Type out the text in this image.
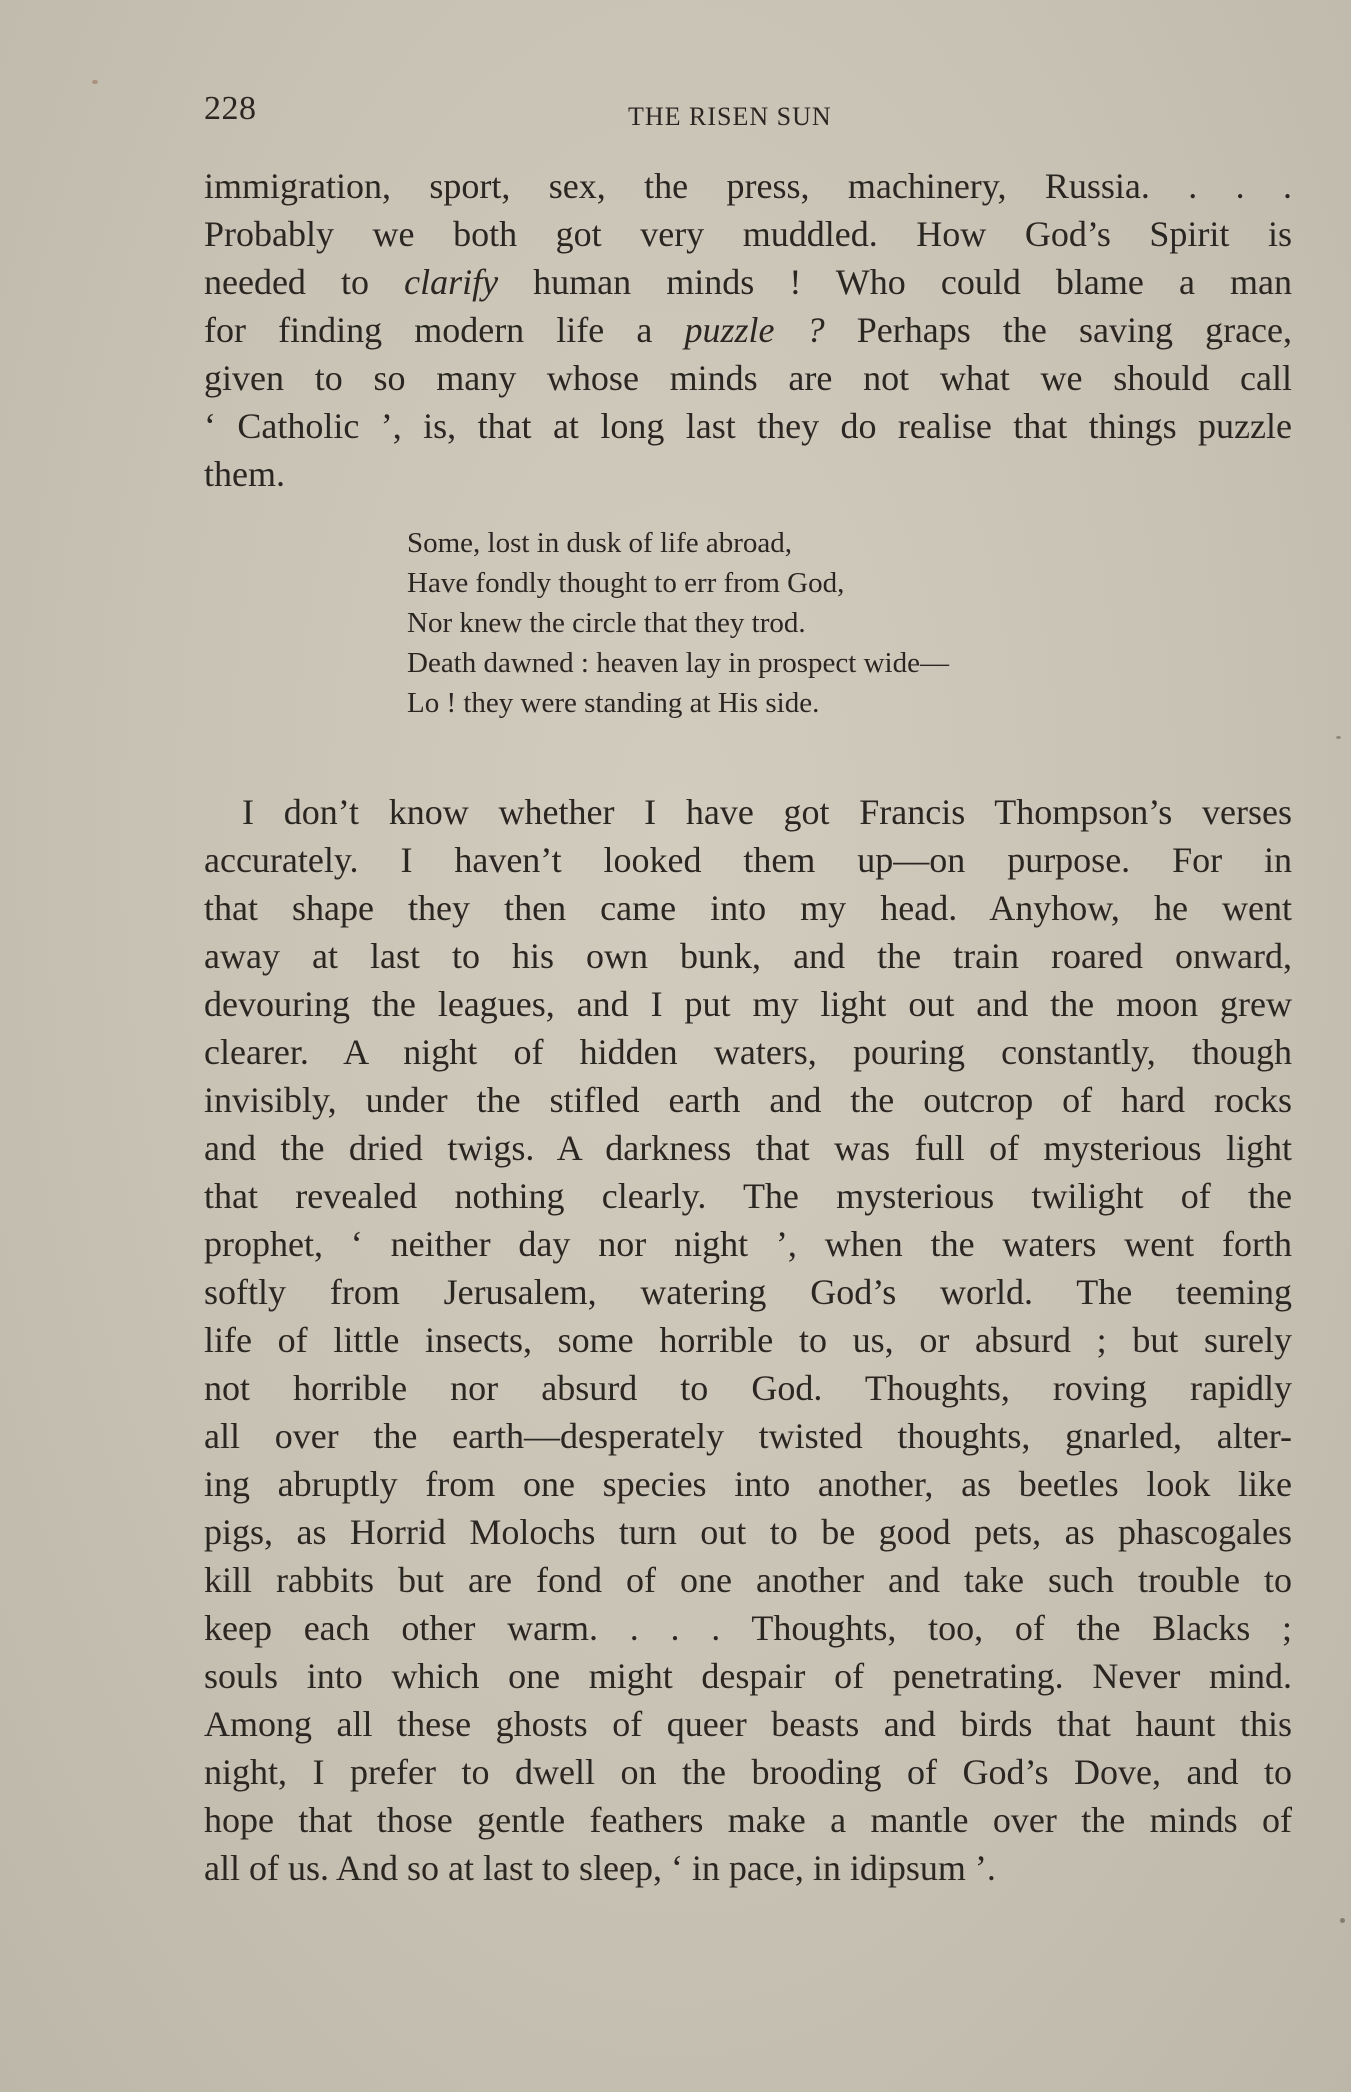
228	THE RISEN SUN
immigration, sport, sex, the press, machinery, Russia. . . .
Probably we both got very muddled. How God’s Spirit is
needed to clarify human minds ! Who could blame a man
for finding modern life a puzzle ? Perhaps the saving grace,
given to so many whose minds are not what we should call
‘ Catholic ’, is, that at long last they do realise that things puzzle
them.
Some, lost in dusk of life abroad,
Have fondly thought to err from God,
Nor knew the circle that they trod.
Death dawned : heaven lay in prospect wide—
Lo ! they were standing at His side.
I don’t know whether I have got Francis Thompson’s verses
accurately. I haven’t looked them up—on purpose. For in
that shape they then came into my head. Anyhow, he went
away at last to his own bunk, and the train roared onward,
devouring the leagues, and I put my light out and the moon grew
clearer. A night of hidden waters, pouring constantly, though
invisibly, under the stifled earth and the outcrop of hard rocks
and the dried twigs. A darkness that was full of mysterious light
that revealed nothing clearly. The mysterious twilight of the
prophet, ‘ neither day nor night ’, when the waters went forth
softly from Jerusalem, watering God’s world. The teeming
life of little insects, some horrible to us, or absurd ; but surely
not horrible nor absurd to God. Thoughts, roving rapidly
all over the earth—desperately twisted thoughts, gnarled, alter-
ing abruptly from one species into another, as beetles look like
pigs, as Horrid Molochs turn out to be good pets, as phascogales
kill rabbits but are fond of one another and take such trouble to
keep each other warm. . . . Thoughts, too, of the Blacks ;
souls into which one might despair of penetrating. Never mind.
Among all these ghosts of queer beasts and birds that haunt this
night, I prefer to dwell on the brooding of God’s Dove, and to
hope that those gentle feathers make a mantle over the minds of
all of us. And so at last to sleep, ‘ in pace, in idipsum ’.
